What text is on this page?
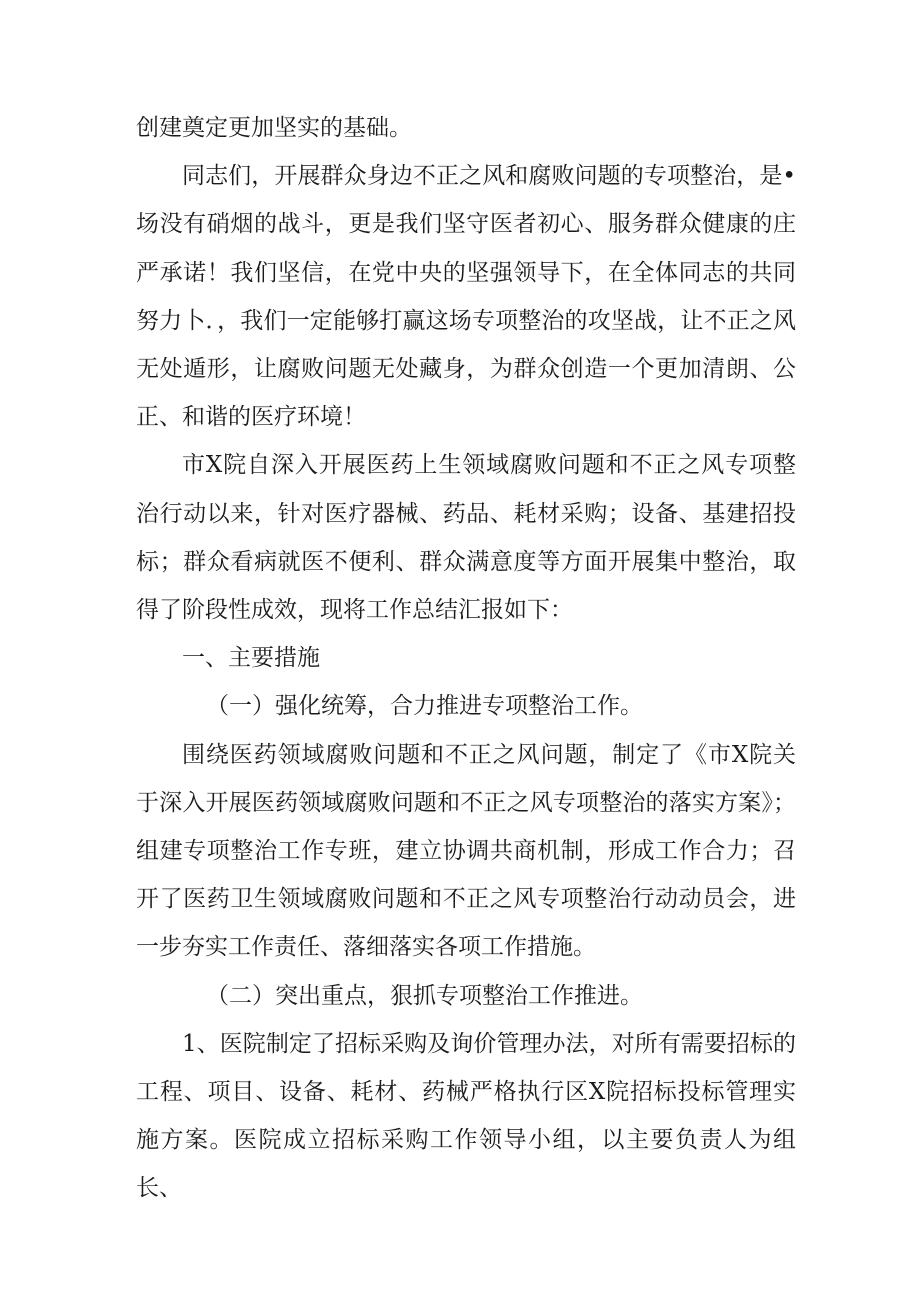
创建奠定更加坚实的基础。

同志们，开展群众身边不正之风和腐败问题的专项整治，是•场没有硝烟的战斗，更是我们坚守医者初心、服务群众健康的庄严承诺！我们坚信，在党中央的坚强领导下，在全体同志的共同努力卜．，我们一定能够打赢这场专项整治的攻坚战，让不正之风无处遁形，让腐败问题无处藏身，为群众创造一个更加清朗、公正、和谐的医疗环境！

市X院自深入开展医药上生领域腐败问题和不正之风专项整治行动以来，针对医疗器械、药品、耗材采购；设备、基建招投标；群众看病就医不便利、群众满意度等方面开展集中整治，取得了阶段性成效，现将工作总结汇报如下：

一、主要措施

（一）强化统筹，合力推进专项整治工作。

围绕医药领域腐败问题和不正之风问题，制定了《市X院关于深入开展医药领域腐败问题和不正之风专项整治的落实方案》；组建专项整治工作专班，建立协调共商机制，形成工作合力；召开了医药卫生领域腐败问题和不正之风专项整治行动动员会，进一步夯实工作责任、落细落实各项工作措施。

（二）突出重点，狠抓专项整治工作推进。

1、医院制定了招标采购及询价管理办法，对所有需要招标的工程、项目、设备、耗材、药械严格执行区X院招标投标管理实施方案。医院成立招标采购工作领导小组，以主要负责人为组长、
